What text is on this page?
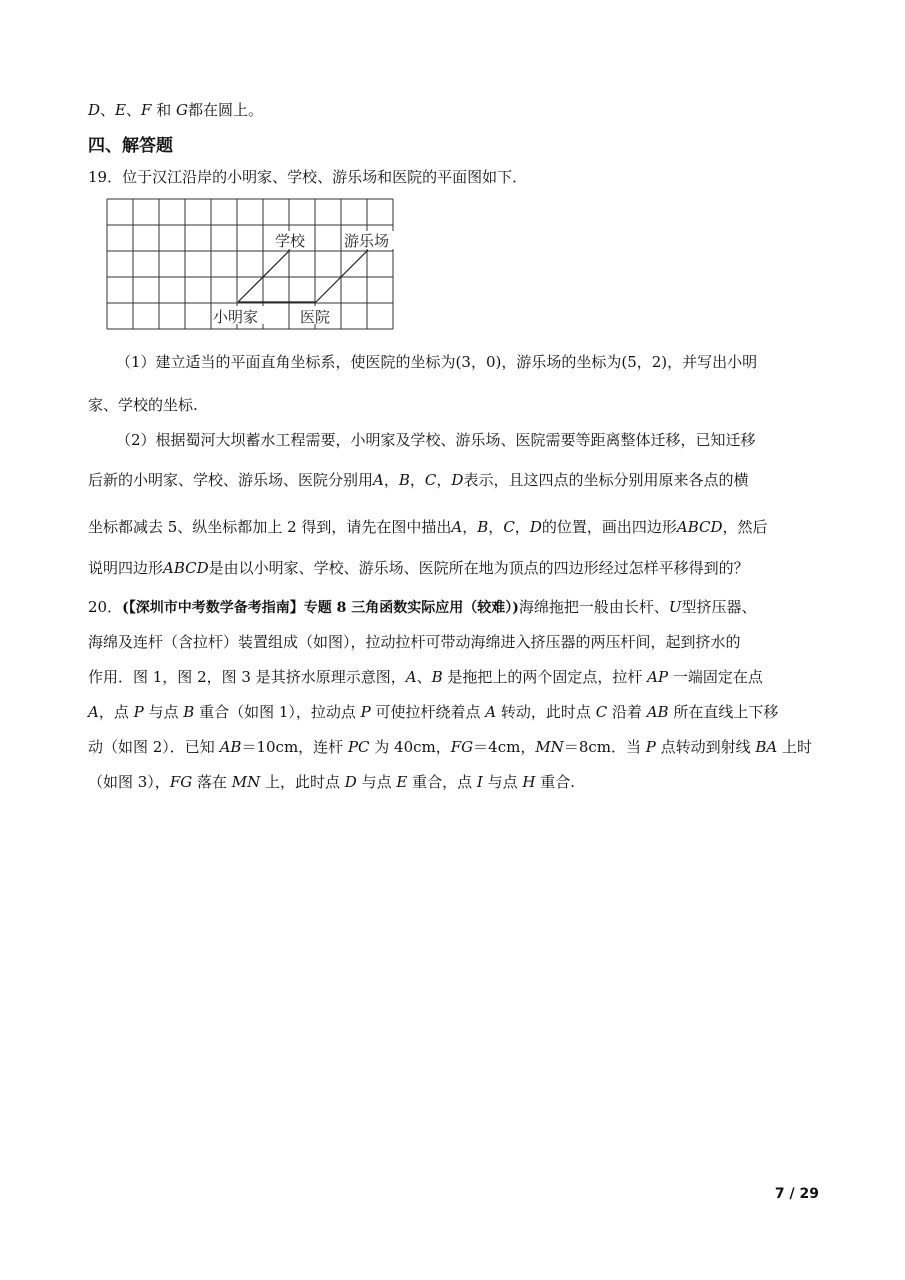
D、E、F 和 G都在圆上。
四、解答题
19．位于汉江沿岸的小明家、学校、游乐场和医院的平面图如下．
学校	游乐场
小明家	医院
（1）建立适当的平面直角坐标系，使医院的坐标为(3，0)，游乐场的坐标为(5，2)，并写出小明
家、学校的坐标.
（2）根据蜀河大坝蓄水工程需要，小明家及学校、游乐场、医院需要等距离整体迁移，已知迁移
后新的小明家、学校、游乐场、医院分别用A，B，C，D表示，且这四点的坐标分别用原来各点的横
坐标都减去 5、纵坐标都加上 2 得到，请先在图中描出A，B，C，D的位置，画出四边形ABCD，然后
说明四边形ABCD是由以小明家、学校、游乐场、医院所在地为顶点的四边形经过怎样平移得到的？
20．(【深圳市中考数学备考指南】专题 8 三角函数实际应用（较难）)海绵拖把一般由长杆、U型挤压器、
海绵及连杆（含拉杆）装置组成（如图），拉动拉杆可带动海绵进入挤压器的两压杆间，起到挤水的
作用．图 1，图 2，图 3 是其挤水原理示意图，A、B 是拖把上的两个固定点，拉杆 AP 一端固定在点
A，点 P 与点 B 重合（如图 1），拉动点 P 可使拉杆绕着点 A 转动，此时点 C 沿着 AB 所在直线上下移
动（如图 2）．已知 AB＝10cm，连杆 PC 为 40cm，FG＝4cm，MN＝8cm．当 P 点转动到射线 BA 上时
（如图 3），FG 落在 MN 上，此时点 D 与点 E 重合，点 I 与点 H 重合.
7 / 29
